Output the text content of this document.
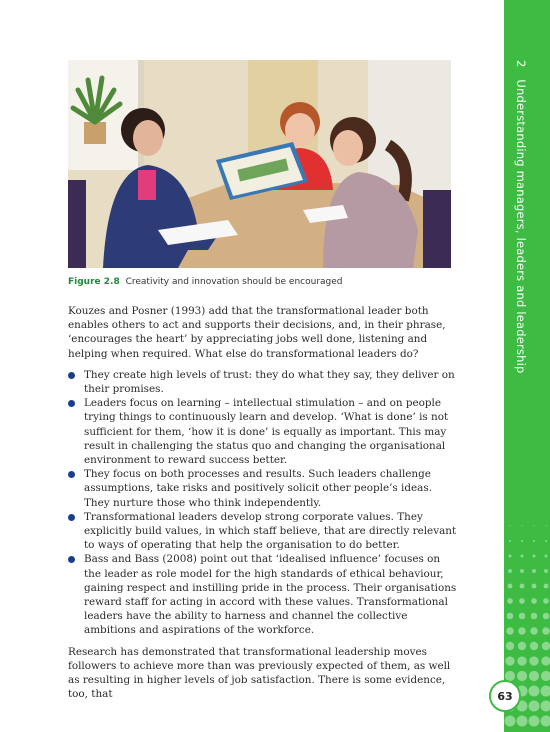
Figure 2.8 Creativity and innovation should be encouraged

Kouzes and Posner (1993) add that the transformational leader both enables others to act and supports their decisions, and, in their phrase, ‘encourages the heart’ by appreciating jobs well done, listening and helping when required. What else do transformational leaders do?

They create high levels of trust: they do what they say, they deliver on their promises.
Leaders focus on learning – intellectual stimulation – and on people trying things to continuously learn and develop. ‘What is done’ is not sufficient for them, ‘how it is done’ is equally as important. This may result in challenging the status quo and changing the organisational environment to reward success better.
They focus on both processes and results. Such leaders challenge assumptions, take risks and positively solicit other people’s ideas. They nurture those who think independently.
Transformational leaders develop strong corporate values. They explicitly build values, in which staff believe, that are directly relevant to ways of operating that help the organisation to do better.
Bass and Bass (2008) point out that ‘idealised influence’ focuses on the leader as role model for the high standards of ethical behaviour, gaining respect and instilling pride in the process. Their organisations reward staff for acting in accord with these values. Transformational leaders have the ability to harness and channel the collective ambitions and aspirations of the workforce.

Research has demonstrated that transformational leadership moves followers to achieve more than was previously expected of them, as well as resulting in higher levels of job satisfaction. There is some evidence, too, that

2 Understanding managers, leaders and leadership
63
